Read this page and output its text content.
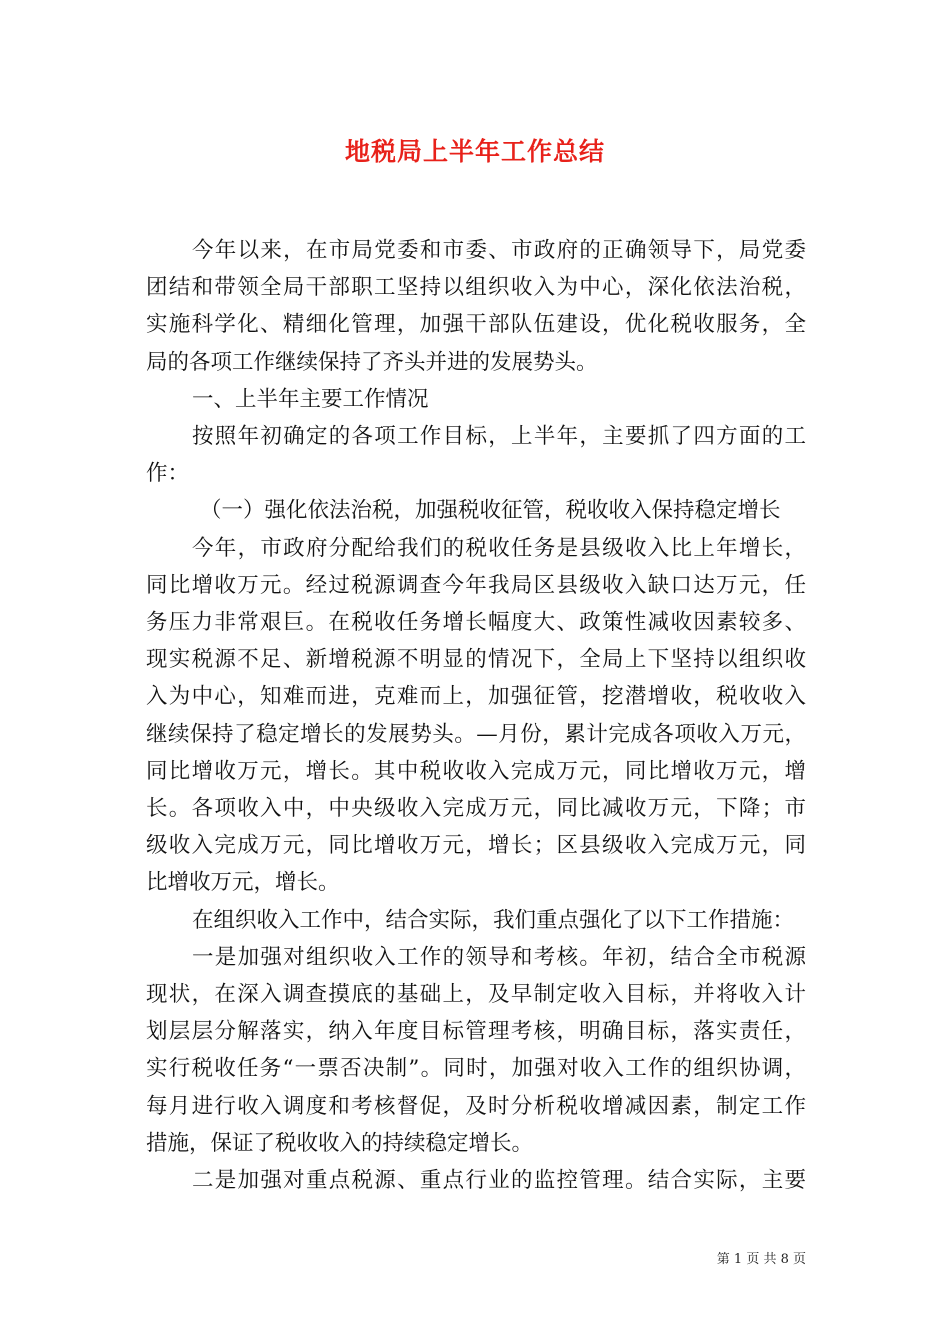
地税局上半年工作总结
今年以来，在市局党委和市委、市政府的正确领导下，局党委
团结和带领全局干部职工坚持以组织收入为中心，深化依法治税，
实施科学化、精细化管理，加强干部队伍建设，优化税收服务，全
局的各项工作继续保持了齐头并进的发展势头。
一、上半年主要工作情况
按照年初确定的各项工作目标，上半年，主要抓了四方面的工
作：
（一）强化依法治税，加强税收征管，税收收入保持稳定增长
今年，市政府分配给我们的税收任务是县级收入比上年增长，
同比增收万元。经过税源调查今年我局区县级收入缺口达万元，任
务压力非常艰巨。在税收任务增长幅度大、政策性减收因素较多、
现实税源不足、新增税源不明显的情况下，全局上下坚持以组织收
入为中心，知难而进，克难而上，加强征管，挖潜增收，税收收入
继续保持了稳定增长的发展势头。—月份，累计完成各项收入万元，
同比增收万元，增长。其中税收收入完成万元，同比增收万元，增
长。各项收入中，中央级收入完成万元，同比减收万元，下降；市
级收入完成万元，同比增收万元，增长；区县级收入完成万元，同
比增收万元，增长。
在组织收入工作中，结合实际，我们重点强化了以下工作措施：
一是加强对组织收入工作的领导和考核。年初，结合全市税源
现状，在深入调查摸底的基础上，及早制定收入目标，并将收入计
划层层分解落实，纳入年度目标管理考核，明确目标，落实责任，
实行税收任务“一票否决制”。同时，加强对收入工作的组织协调，
每月进行收入调度和考核督促，及时分析税收增减因素，制定工作
措施，保证了税收收入的持续稳定增长。
二是加强对重点税源、重点行业的监控管理。结合实际，主要
第 1 页 共 8 页
